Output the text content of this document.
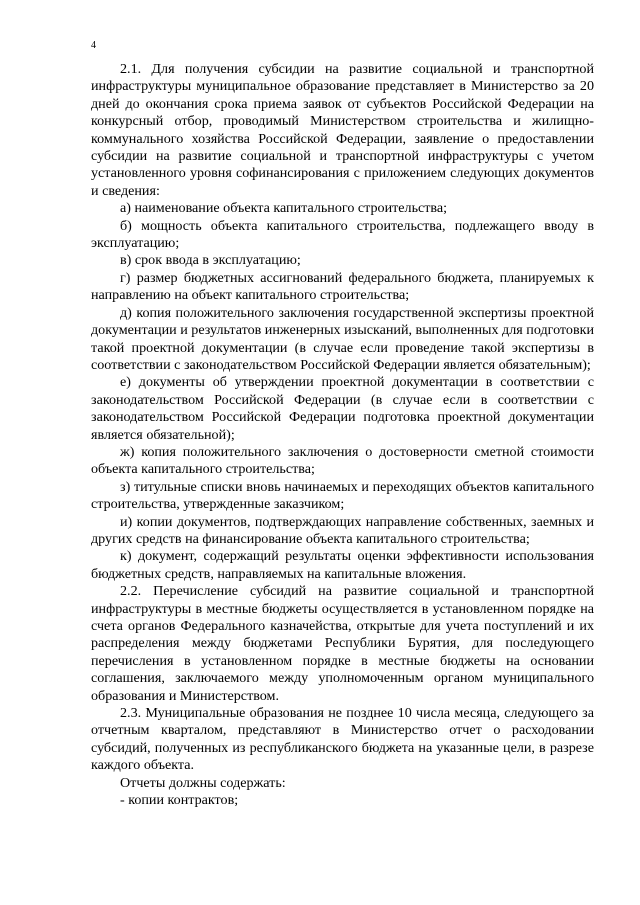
4

2.1. Для получения субсидии на развитие социальной и транспортной инфраструктуры муниципальное образование представляет в Министерство за 20 дней до окончания срока приема заявок от субъектов Российской Федерации на конкурсный отбор, проводимый Министерством строительства и жилищно-коммунального хозяйства Российской Федерации, заявление о предоставлении субсидии на развитие социальной и транспортной инфраструктуры с учетом установленного уровня софинансирования с приложением следующих документов и сведения:

а) наименование объекта капитального строительства;

б) мощность объекта капитального строительства, подлежащего вводу в эксплуатацию;

в) срок ввода в эксплуатацию;

г) размер бюджетных ассигнований федерального бюджета, планируемых к направлению на объект капитального строительства;

д) копия положительного заключения государственной экспертизы проектной документации и результатов инженерных изысканий, выполненных для подготовки такой проектной документации (в случае если проведение такой экспертизы в соответствии с законодательством Российской Федерации является обязательным);

е) документы об утверждении проектной документации в соответствии с законодательством Российской Федерации (в случае если в соответствии с законодательством Российской Федерации подготовка проектной документации является обязательной);

ж) копия положительного заключения о достоверности сметной стоимости объекта капитального строительства;

з) титульные списки вновь начинаемых и переходящих объектов капитального строительства, утвержденные заказчиком;

и) копии документов, подтверждающих направление собственных, заемных и других средств на финансирование объекта капитального строительства;

к) документ, содержащий результаты оценки эффективности использования бюджетных средств, направляемых на капитальные вложения.

2.2. Перечисление субсидий на развитие социальной и транспортной инфраструктуры в местные бюджеты осуществляется в установленном порядке на счета органов Федерального казначейства, открытые для учета поступлений и их распределения между бюджетами Республики Бурятия, для последующего перечисления в установленном порядке в местные бюджеты на основании соглашения, заключаемого между уполномоченным органом муниципального образования и Министерством.

2.3. Муниципальные образования не позднее 10 числа месяца, следующего за отчетным кварталом, представляют в Министерство отчет о расходовании субсидий, полученных из республиканского бюджета на указанные цели, в разрезе каждого объекта.

Отчеты должны содержать:

- копии контрактов;
